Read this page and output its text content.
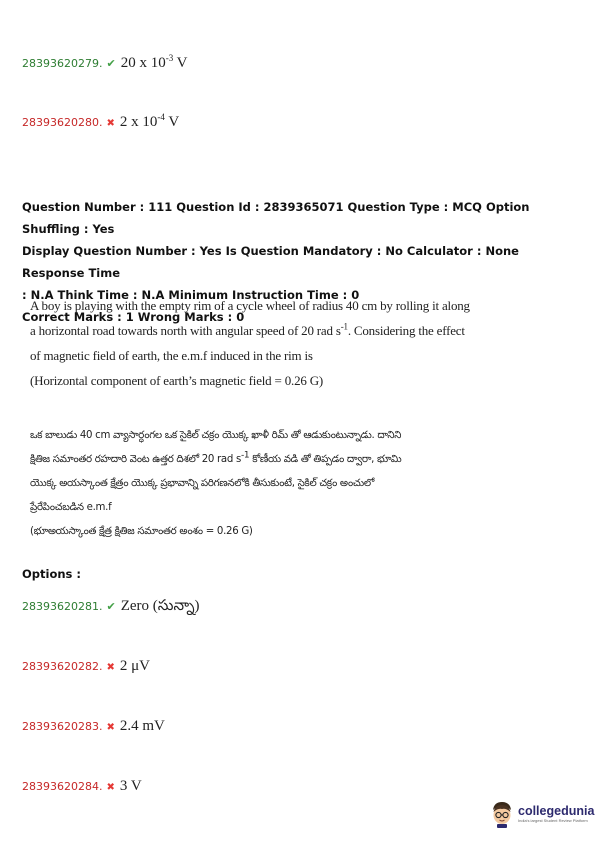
28393620279. ✔ 20 x $10^{-3}$ V
28393620280. ✖ 2 x $10^{-4}$ V
Question Number : 111 Question Id : 2839365071 Question Type : MCQ Option Shuffling : Yes
Display Question Number : Yes Is Question Mandatory : No Calculator : None Response Time
: N.A Think Time : N.A Minimum Instruction Time : 0
Correct Marks : 1 Wrong Marks : 0
A boy is playing with the empty rim of a cycle wheel of radius 40 cm by rolling it along
a horizontal road towards north with angular speed of 20 rad $s^{-1}$. Considering the effect
of magnetic field of earth, the e.m.f induced in the rim is
(Horizontal component of earth’s magnetic field = 0.26 G)
ఒక బాలుడు 40 cm వ్యాసార్ధంగల ఒక సైకిల్ చక్రం యొక్క ఖాళీ రిమ్ తో ఆడుకుంటున్నాడు. దానిని
క్షితిజ సమాంతర రహదారి వెంట ఉత్తర దిశలో 20 rad $s^{-1}$ కోణీయ వడి తో తిప్పడం ద్వారా, భూమి
యొక్క అయస్కాంత క్షేత్రం యొక్క ప్రభావాన్ని పరిగణనలోకి తీసుకుంటే, సైకిల్ చక్రం అంచులో
ప్రేరేపించబడిన e.m.f
(భూఅయస్కాంత క్షేత్ర క్షితిజ సమాంతర అంశం = 0.26 G)
Options :
28393620281. ✔ Zero (సున్నా)
28393620282. ✖ 2 μV
28393620283. ✖ 2.4 mV
28393620284. ✖ 3 V
collegedunia
India's largest Student Review Platform
